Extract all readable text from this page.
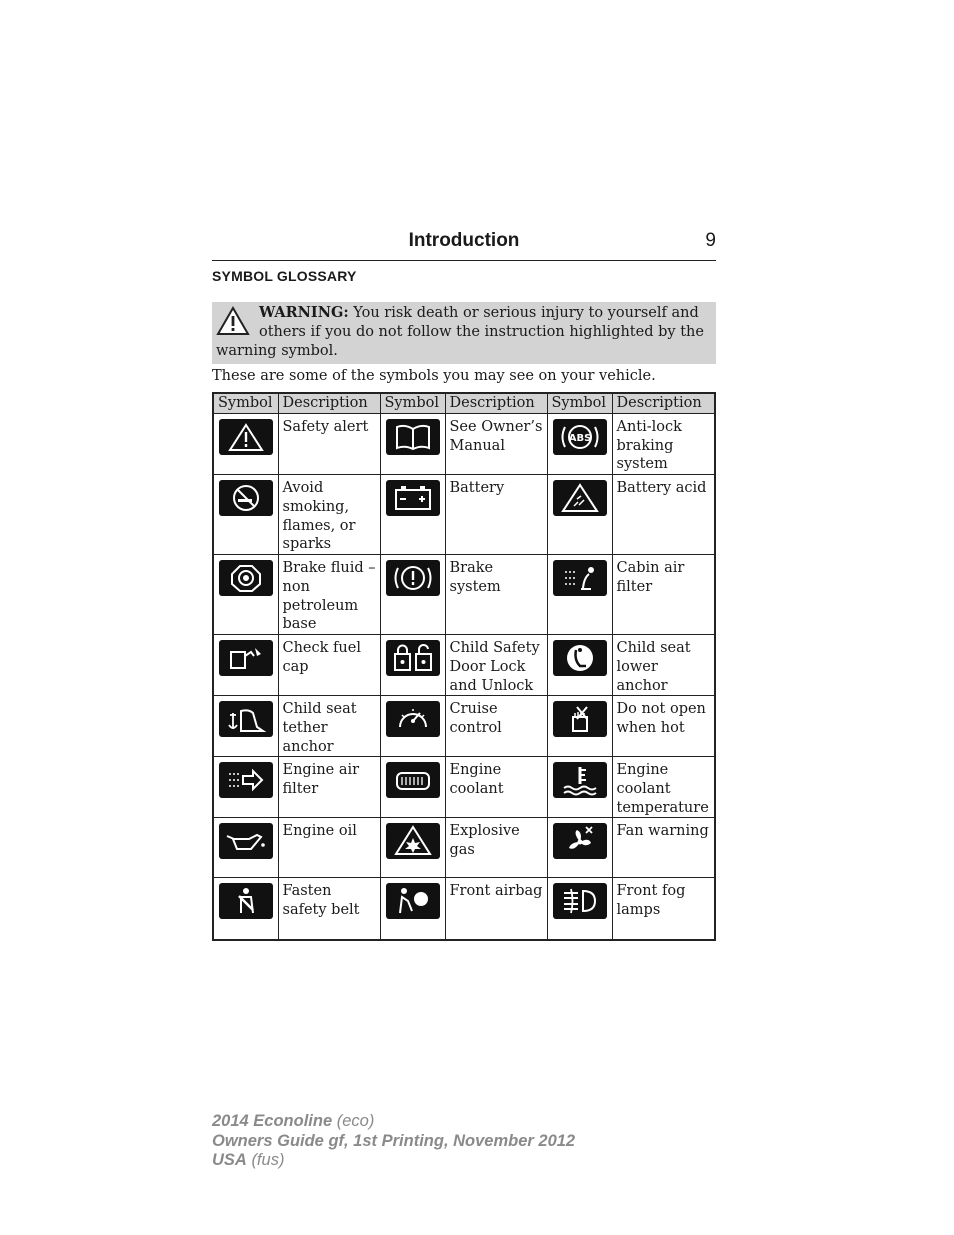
Introduction	9
SYMBOL GLOSSARY
WARNING: You risk death or serious injury to yourself and
others if you do not follow the instruction highlighted by the
warning symbol.
These are some of the symbols you may see on your vehicle.
Symbol	Description	Symbol	Description	Symbol	Description

	Safety alert		See Owner’s Manual	ABS	Anti-lock braking system

	Avoid smoking, flames, or sparks		Battery		Battery acid

	Brake fluid – non petroleum base		Brake system		Cabin air filter

	Check fuel cap		Child Safety Door Lock and Unlock		Child seat lower anchor

	Child seat tether anchor		Cruise control		Do not open when hot

	Engine air filter		Engine coolant		Engine coolant temperature

	Engine oil		Explosive gas		Fan warning

	Fasten safety belt		Front airbag		Front fog lamps
2014 Econoline (eco)
Owners Guide gf, 1st Printing, November 2012
USA (fus)
